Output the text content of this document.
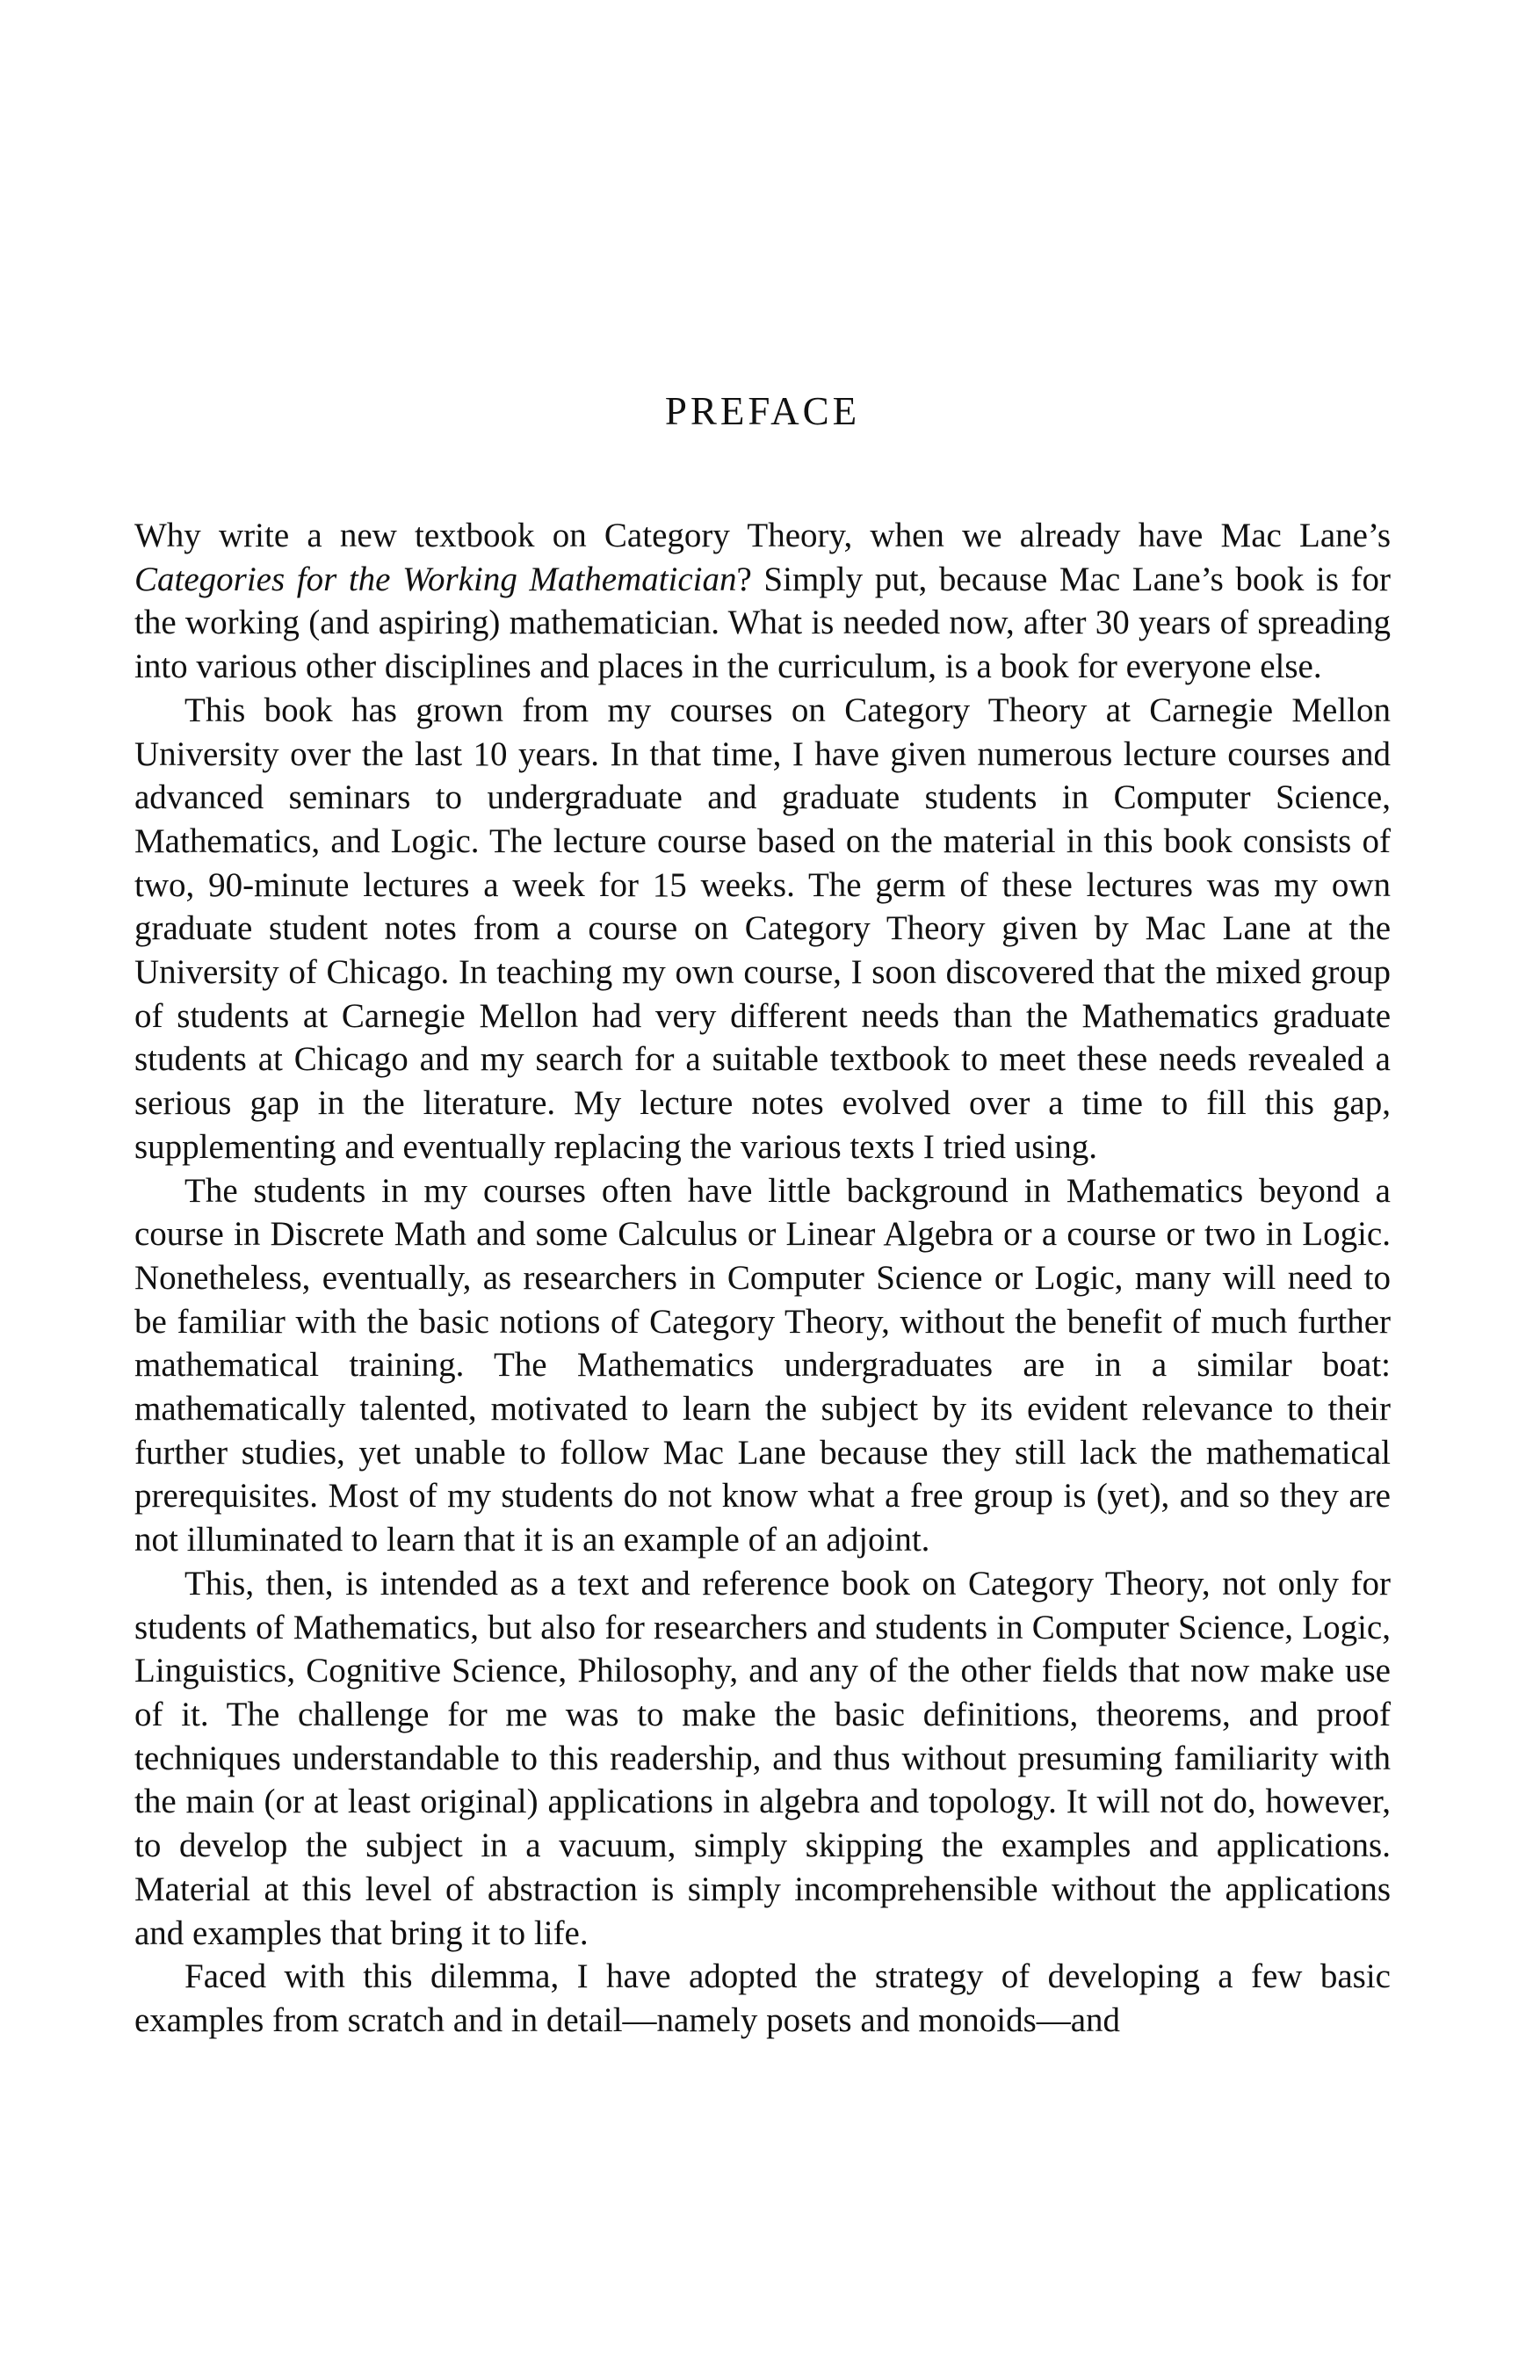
PREFACE

Why write a new textbook on Category Theory, when we already have Mac Lane’s Categories for the Working Mathematician? Simply put, because Mac Lane’s book is for the working (and aspiring) mathematician. What is needed now, after 30 years of spreading into various other disciplines and places in the curriculum, is a book for everyone else.

This book has grown from my courses on Category Theory at Carnegie Mellon University over the last 10 years. In that time, I have given numerous lecture courses and advanced seminars to undergraduate and graduate students in Computer Science, Mathematics, and Logic. The lecture course based on the material in this book consists of two, 90-minute lectures a week for 15 weeks. The germ of these lectures was my own graduate student notes from a course on Category Theory given by Mac Lane at the University of Chicago. In teaching my own course, I soon discovered that the mixed group of students at Carnegie Mellon had very different needs than the Mathematics graduate students at Chicago and my search for a suitable textbook to meet these needs revealed a serious gap in the literature. My lecture notes evolved over a time to fill this gap, supplementing and eventually replacing the various texts I tried using.

The students in my courses often have little background in Mathematics beyond a course in Discrete Math and some Calculus or Linear Algebra or a course or two in Logic. Nonetheless, eventually, as researchers in Computer Science or Logic, many will need to be familiar with the basic notions of Category Theory, without the benefit of much further mathematical training. The Mathematics undergraduates are in a similar boat: mathematically talented, motivated to learn the subject by its evident relevance to their further studies, yet unable to follow Mac Lane because they still lack the mathematical prerequisites. Most of my students do not know what a free group is (yet), and so they are not illuminated to learn that it is an example of an adjoint.

This, then, is intended as a text and reference book on Category Theory, not only for students of Mathematics, but also for researchers and students in Computer Science, Logic, Linguistics, Cognitive Science, Philosophy, and any of the other fields that now make use of it. The challenge for me was to make the basic definitions, theorems, and proof techniques understandable to this readership, and thus without presuming familiarity with the main (or at least original) applications in algebra and topology. It will not do, however, to develop the subject in a vacuum, simply skipping the examples and applications. Material at this level of abstraction is simply incomprehensible without the applications and examples that bring it to life.

Faced with this dilemma, I have adopted the strategy of developing a few basic examples from scratch and in detail—namely posets and monoids—and
